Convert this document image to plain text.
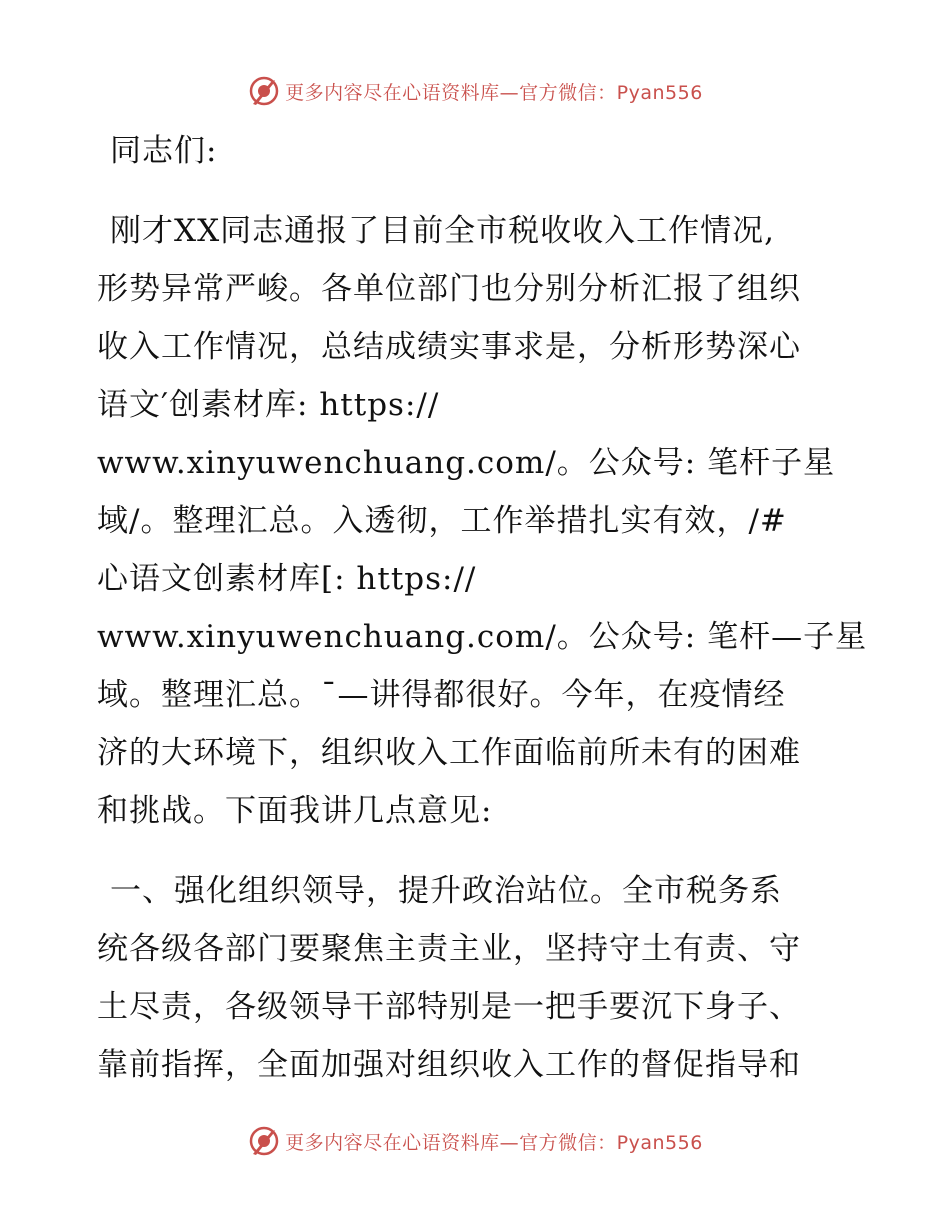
更多内容尽在心语资料库—官方微信：Pyan556
同志们:
刚才XX同志通报了目前全市税收收入工作情况,
形势异常严峻。各单位部门也分别分析汇报了组织
收入工作情况，总结成绩实事求是，分析形势深心
语文′创素材库: https://
www.xinyuwenchuang.com/。公众号: 笔杆子星
域/。整理汇总。入透彻，工作举措扎实有效，/#
心语文创素材库[: https://
www.xinyuwenchuang.com/。公众号: 笔杆—子星
域。整理汇总。¯—讲得都很好。今年，在疫情经
济的大环境下，组织收入工作面临前所未有的困难
和挑战。下面我讲几点意见:
一、强化组织领导，提升政治站位。全市税务系
统各级各部门要聚焦主责主业，坚持守土有责、守
土尽责，各级领导干部特别是一把手要沉下身子、
靠前指挥，全面加强对组织收入工作的督促指导和
更多内容尽在心语资料库—官方微信：Pyan556
